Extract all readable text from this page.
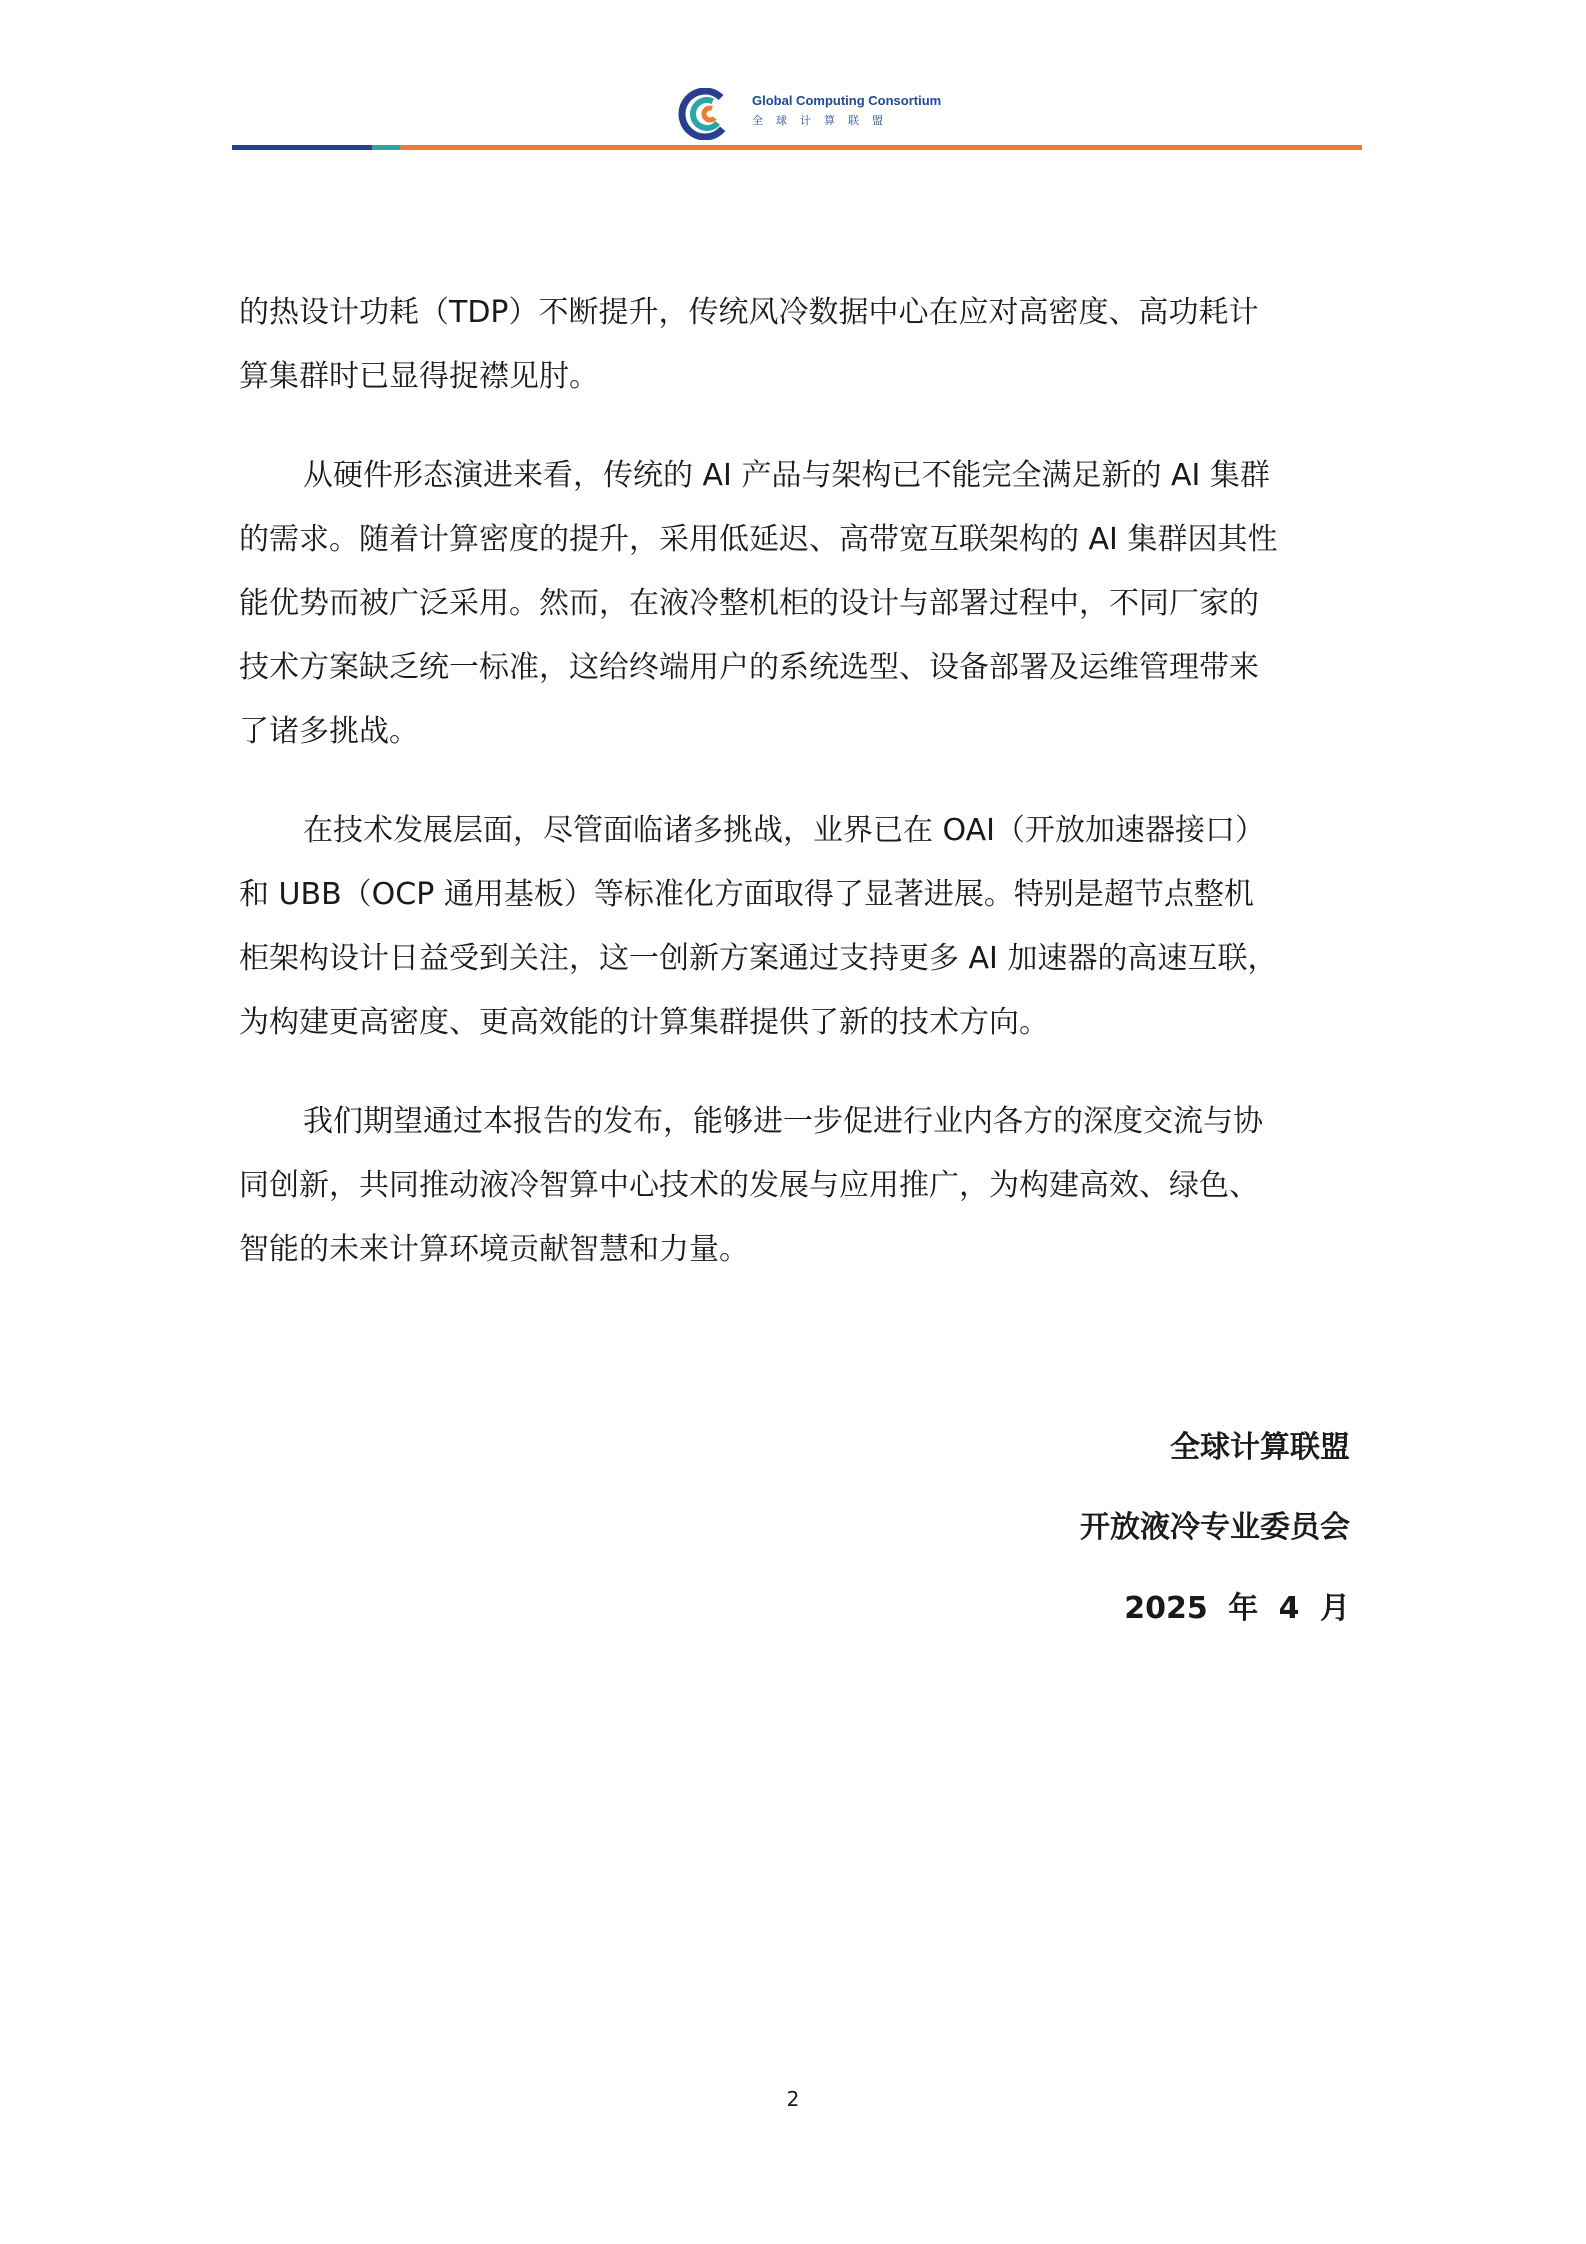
Global Computing Consortium
全球计算联盟

的热设计功耗（TDP）不断提升，传统风冷数据中心在应对高密度、高功耗计
算集群时已显得捉襟见肘。

从硬件形态演进来看，传统的 AI 产品与架构已不能完全满足新的 AI 集群
的需求。随着计算密度的提升，采用低延迟、高带宽互联架构的 AI 集群因其性
能优势而被广泛采用。然而，在液冷整机柜的设计与部署过程中，不同厂家的
技术方案缺乏统一标准，这给终端用户的系统选型、设备部署及运维管理带来
了诸多挑战。

在技术发展层面，尽管面临诸多挑战，业界已在 OAI（开放加速器接口）
和 UBB（OCP 通用基板）等标准化方面取得了显著进展。特别是超节点整机
柜架构设计日益受到关注，这一创新方案通过支持更多 AI 加速器的高速互联，
为构建更高密度、更高效能的计算集群提供了新的技术方向。

我们期望通过本报告的发布，能够进一步促进行业内各方的深度交流与协
同创新，共同推动液冷智算中心技术的发展与应用推广，为构建高效、绿色、
智能的未来计算环境贡献智慧和力量。

全球计算联盟
开放液冷专业委员会
2025 年 4 月
2
